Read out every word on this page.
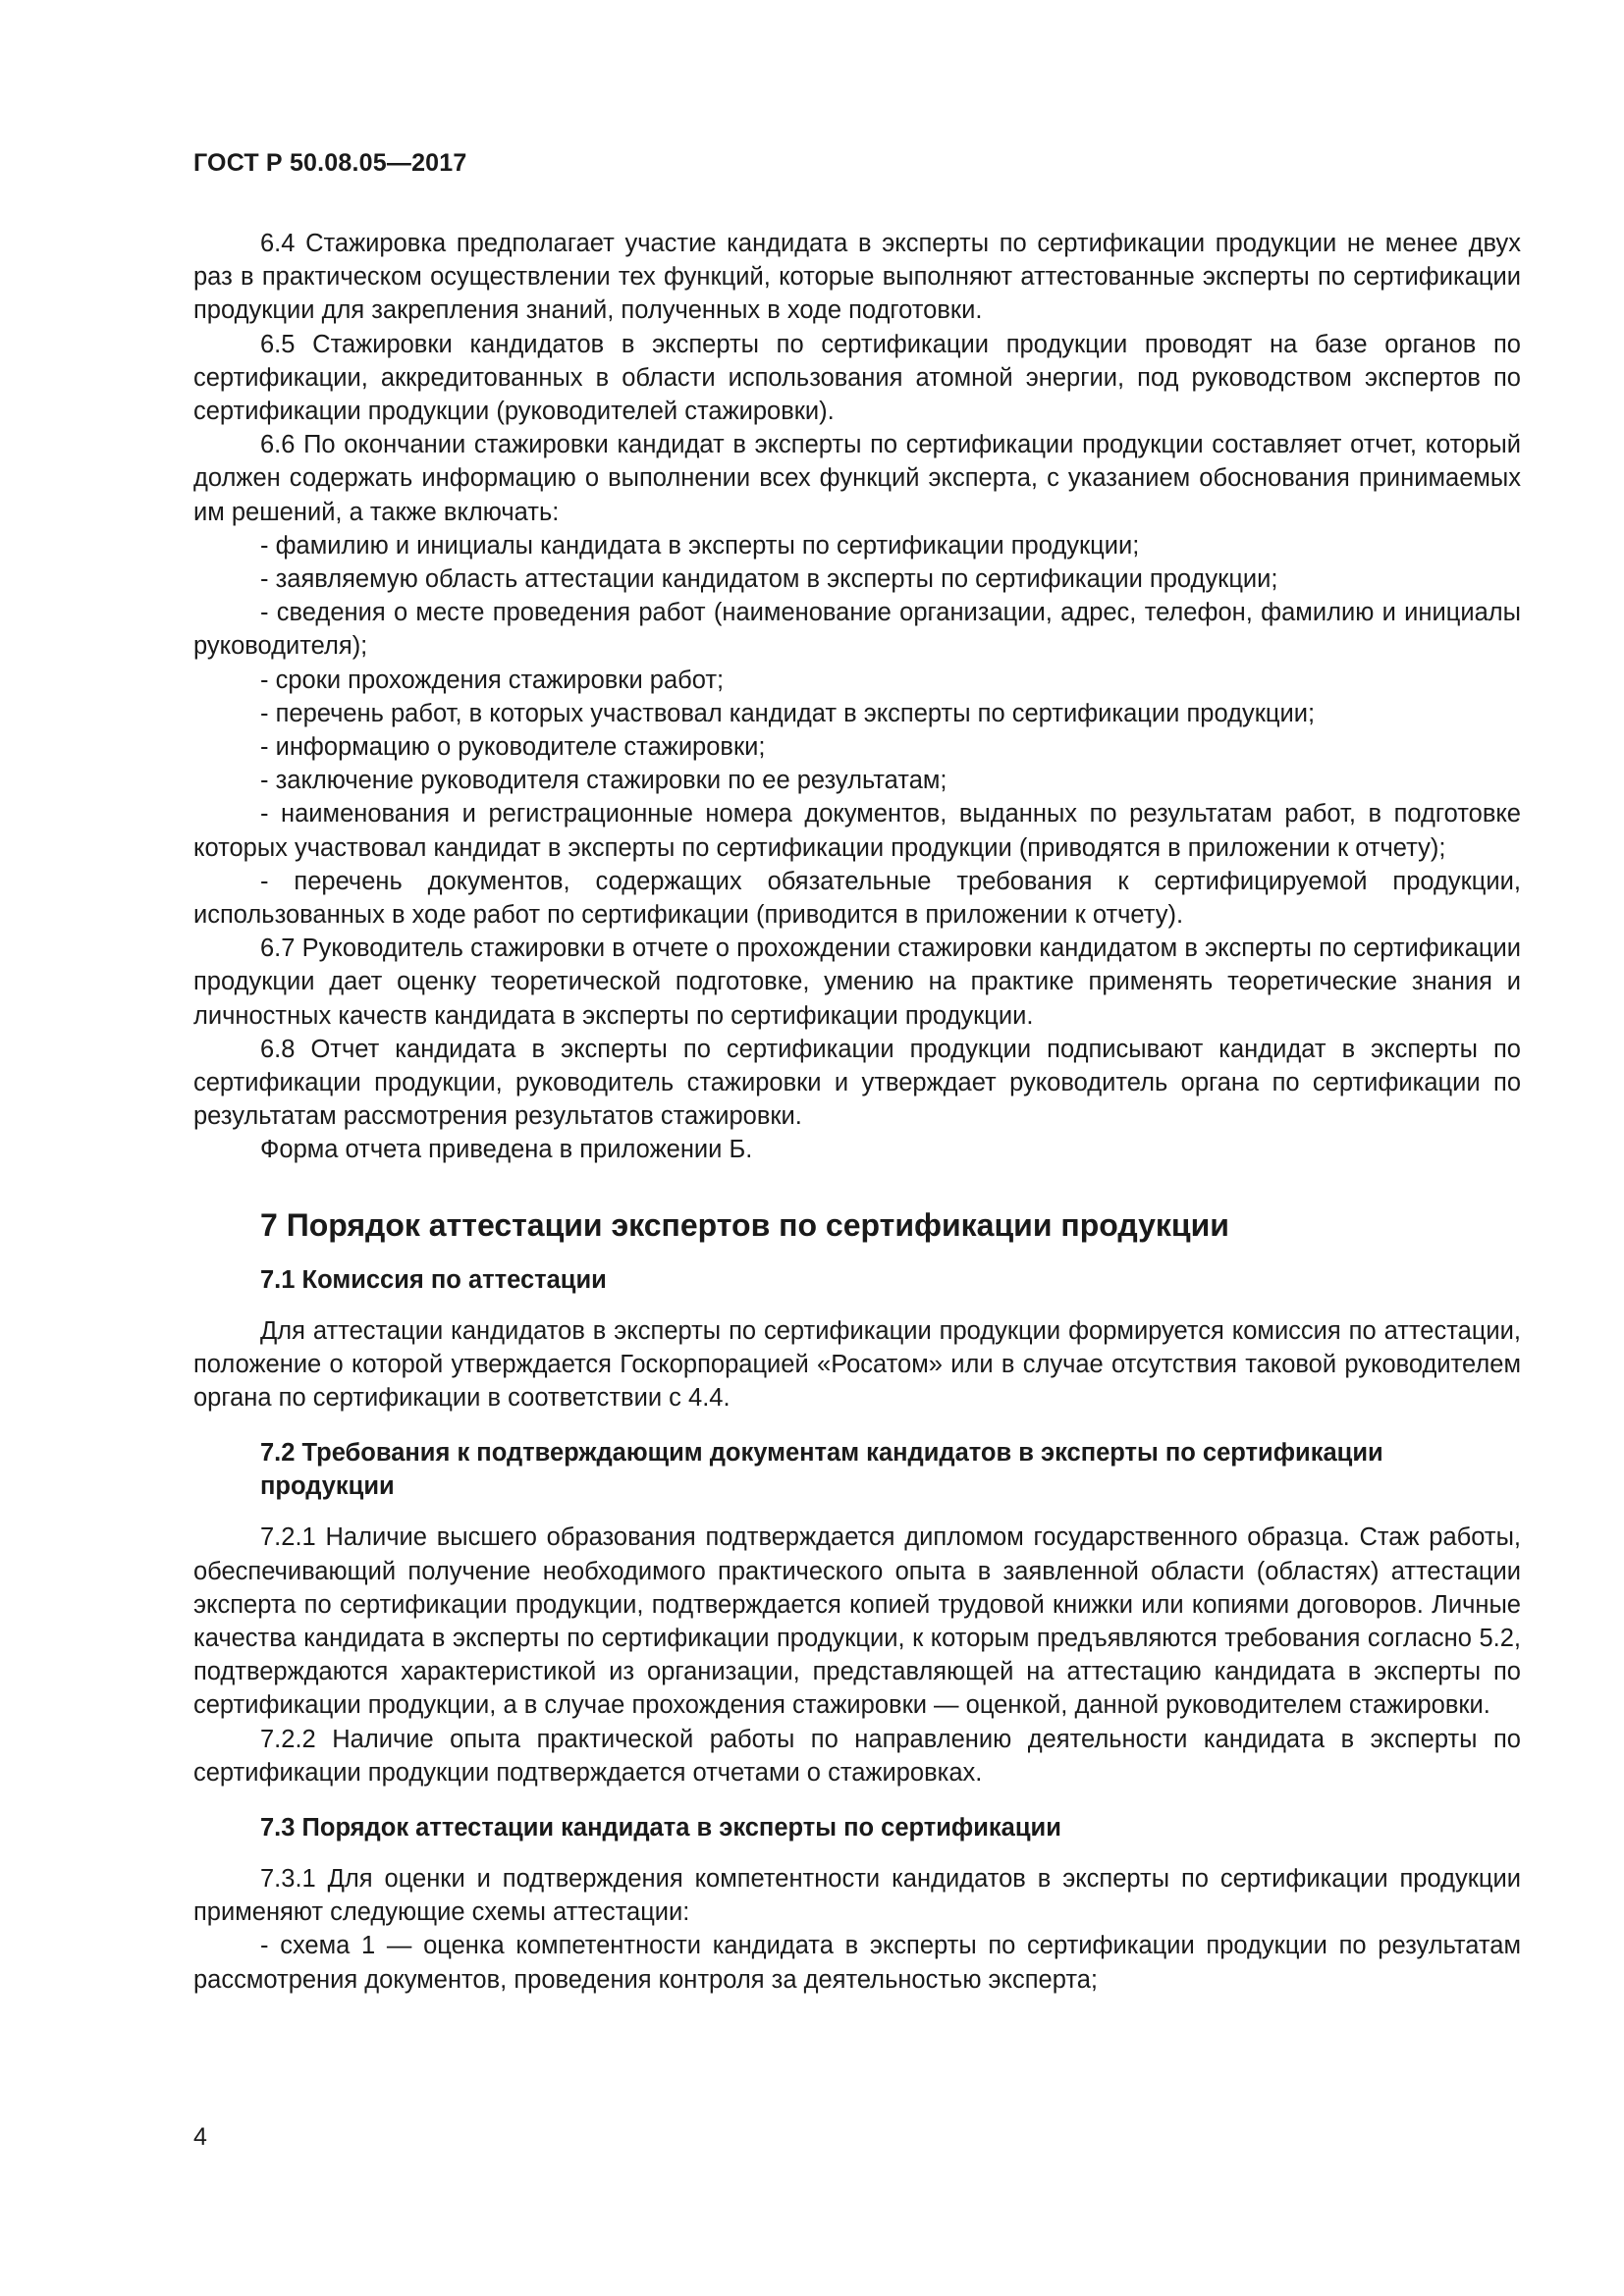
ГОСТ Р 50.08.05—2017

6.4 Стажировка предполагает участие кандидата в эксперты по сертификации продукции не менее двух раз в практическом осуществлении тех функций, которые выполняют аттестованные эксперты по сертификации продукции для закрепления знаний, полученных в ходе подготовки.

6.5 Стажировки кандидатов в эксперты по сертификации продукции проводят на базе органов по сертификации, аккредитованных в области использования атомной энергии, под руководством экспертов по сертификации продукции (руководителей стажировки).

6.6 По окончании стажировки кандидат в эксперты по сертификации продукции составляет отчет, который должен содержать информацию о выполнении всех функций эксперта, с указанием обоснования принимаемых им решений, а также включать:

- фамилию и инициалы кандидата в эксперты по сертификации продукции;

- заявляемую область аттестации кандидатом в эксперты по сертификации продукции;

- сведения о месте проведения работ (наименование организации, адрес, телефон, фамилию и инициалы руководителя);

- сроки прохождения стажировки работ;

- перечень работ, в которых участвовал кандидат в эксперты по сертификации продукции;

- информацию о руководителе стажировки;

- заключение руководителя стажировки по ее результатам;

- наименования и регистрационные номера документов, выданных по результатам работ, в подготовке которых участвовал кандидат в эксперты по сертификации продукции (приводятся в приложении к отчету);

- перечень документов, содержащих обязательные требования к сертифицируемой продукции, использованных в ходе работ по сертификации (приводится в приложении к отчету).

6.7 Руководитель стажировки в отчете о прохождении стажировки кандидатом в эксперты по сертификации продукции дает оценку теоретической подготовке, умению на практике применять теоретические знания и личностных качеств кандидата в эксперты по сертификации продукции.

6.8 Отчет кандидата в эксперты по сертификации продукции подписывают кандидат в эксперты по сертификации продукции, руководитель стажировки и утверждает руководитель органа по сертификации по результатам рассмотрения результатов стажировки.

Форма отчета приведена в приложении Б.

7 Порядок аттестации экспертов по сертификации продукции
7.1 Комиссия по аттестации

Для аттестации кандидатов в эксперты по сертификации продукции формируется комиссия по аттестации, положение о которой утверждается Госкорпорацией «Росатом» или в случае отсутствия таковой руководителем органа по сертификации в соответствии с 4.4.

7.2 Требования к подтверждающим документам кандидатов в эксперты по сертификации продукции

7.2.1 Наличие высшего образования подтверждается дипломом государственного образца. Стаж работы, обеспечивающий получение необходимого практического опыта в заявленной области (областях) аттестации эксперта по сертификации продукции, подтверждается копией трудовой книжки или копиями договоров. Личные качества кандидата в эксперты по сертификации продукции, к которым предъявляются требования согласно 5.2, подтверждаются характеристикой из организации, представляющей на аттестацию кандидата в эксперты по сертификации продукции, а в случае прохождения стажировки — оценкой, данной руководителем стажировки.

7.2.2 Наличие опыта практической работы по направлению деятельности кандидата в эксперты по сертификации продукции подтверждается отчетами о стажировках.

7.3 Порядок аттестации кандидата в эксперты по сертификации

7.3.1 Для оценки и подтверждения компетентности кандидатов в эксперты по сертификации продукции применяют следующие схемы аттестации:

- схема 1 — оценка компетентности кандидата в эксперты по сертификации продукции по результатам рассмотрения документов, проведения контроля за деятельностью эксперта;

4
